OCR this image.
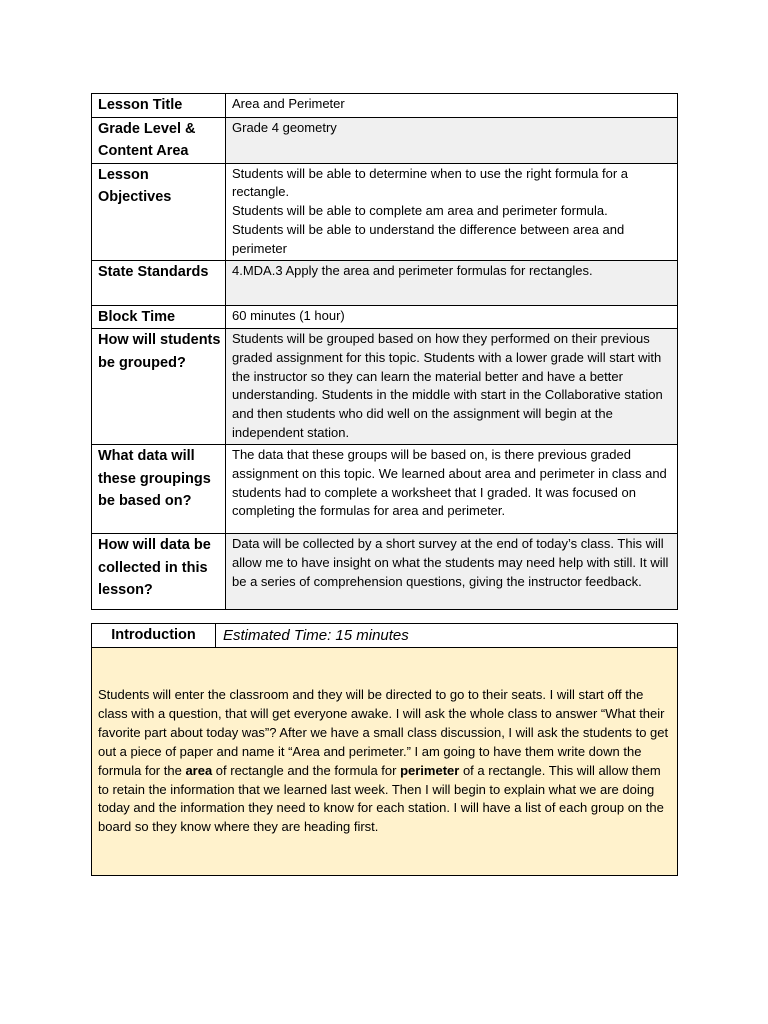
Lesson Title	Area and Perimeter

Grade Level & Content Area	Grade 4 geometry

Lesson Objectives	Students will be able to determine when to use the right formula for a rectangle.
Students will be able to complete am area and perimeter formula.
Students will be able to understand the difference between area and perimeter

State Standards	4.MDA.3 Apply the area and perimeter formulas for rectangles.

Block Time	60 minutes (1 hour)

How will students be grouped?	Students will be grouped based on how they performed on their previous graded assignment for this topic. Students with a lower grade will start with the instructor so they can learn the material better and have a better understanding. Students in the middle with start in the Collaborative station and then students who did well on the assignment will begin at the independent station.

What data will these groupings be based on?	The data that these groups will be based on, is there previous graded assignment on this topic. We learned about area and perimeter in class and students had to complete a worksheet that I graded. It was focused on completing the formulas for area and perimeter.

How will data be collected in this lesson?	Data will be collected by a short survey at the end of today’s class. This will allow me to have insight on what the students may need help with still. It will be a series of comprehension questions, giving the instructor feedback.
Introduction	Estimated Time: 15 minutes
Students will enter the classroom and they will be directed to go to their seats. I will start off the class with a question, that will get everyone awake. I will ask the whole class to answer “What their favorite part about today was”? After we have a small class discussion, I will ask the students to get out a piece of paper and name it “Area and perimeter.” I am going to have them write down the formula for the area of rectangle and the formula for perimeter of a rectangle. This will allow them to retain the information that we learned last week. Then I will begin to explain what we are doing today and the information they need to know for each station. I will have a list of each group on the board so they know where they are heading first.
